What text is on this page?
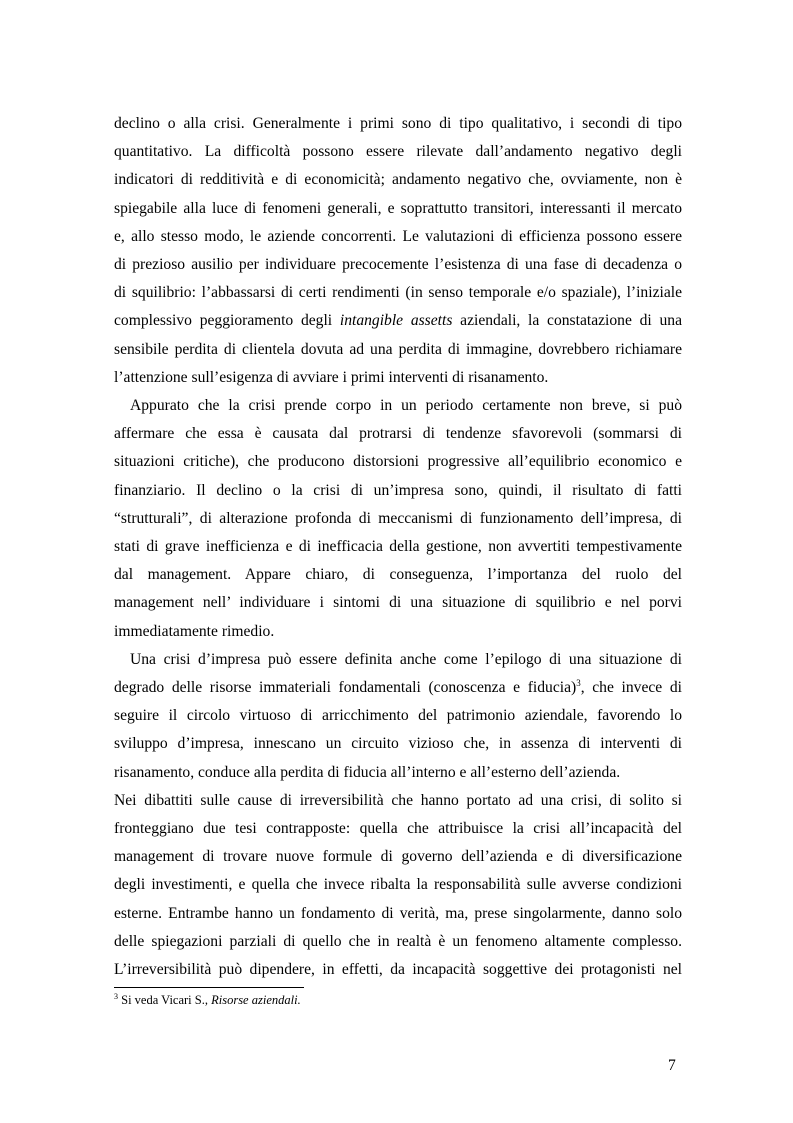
declino o alla crisi. Generalmente i primi sono di tipo qualitativo, i secondi di tipo
quantitativo. La difficoltà possono essere rilevate dall’andamento negativo degli
indicatori di redditività e di economicità; andamento negativo che, ovviamente, non è
spiegabile alla luce di fenomeni generali, e soprattutto transitori, interessanti il mercato
e, allo stesso modo, le aziende concorrenti. Le valutazioni di efficienza possono essere
di prezioso ausilio per individuare precocemente l’esistenza di una fase di decadenza o
di squilibrio: l’abbassarsi di certi rendimenti (in senso temporale e/o spaziale), l’iniziale
complessivo peggioramento degli intangible assetts aziendali, la constatazione di una
sensibile perdita di clientela dovuta ad una perdita di immagine, dovrebbero richiamare
l’attenzione sull’esigenza di avviare i primi interventi di risanamento.

Appurato che la crisi prende corpo in un periodo certamente non breve, si può
affermare che essa è causata dal protrarsi di tendenze sfavorevoli (sommarsi di
situazioni critiche), che producono distorsioni progressive all’equilibrio economico e
finanziario. Il declino o la crisi di un’impresa sono, quindi, il risultato di fatti
“strutturali”, di alterazione profonda di meccanismi di funzionamento dell’impresa, di
stati di grave inefficienza e di inefficacia della gestione, non avvertiti tempestivamente
dal management. Appare chiaro, di conseguenza, l’importanza del ruolo del
management nell’ individuare i sintomi di una situazione di squilibrio e nel porvi
immediatamente rimedio.

Una crisi d’impresa può essere definita anche come l’epilogo di una situazione di
degrado delle risorse immateriali fondamentali (conoscenza e fiducia)$^3$, che invece di
seguire il circolo virtuoso di arricchimento del patrimonio aziendale, favorendo lo
sviluppo d’impresa, innescano un circuito vizioso che, in assenza di interventi di
risanamento, conduce alla perdita di fiducia all’interno e all’esterno dell’azienda.

Nei dibattiti sulle cause di irreversibilità che hanno portato ad una crisi, di solito si
fronteggiano due tesi contrapposte: quella che attribuisce la crisi all’incapacità del
management di trovare nuove formule di governo dell’azienda e di diversificazione
degli investimenti, e quella che invece ribalta la responsabilità sulle avverse condizioni
esterne. Entrambe hanno un fondamento di verità, ma, prese singolarmente, danno solo
delle spiegazioni parziali di quello che in realtà è un fenomeno altamente complesso.
L’irreversibilità può dipendere, in effetti, da incapacità soggettive dei protagonisti nel

$^3$ Si veda Vicari S., Risorse aziendali.
7
